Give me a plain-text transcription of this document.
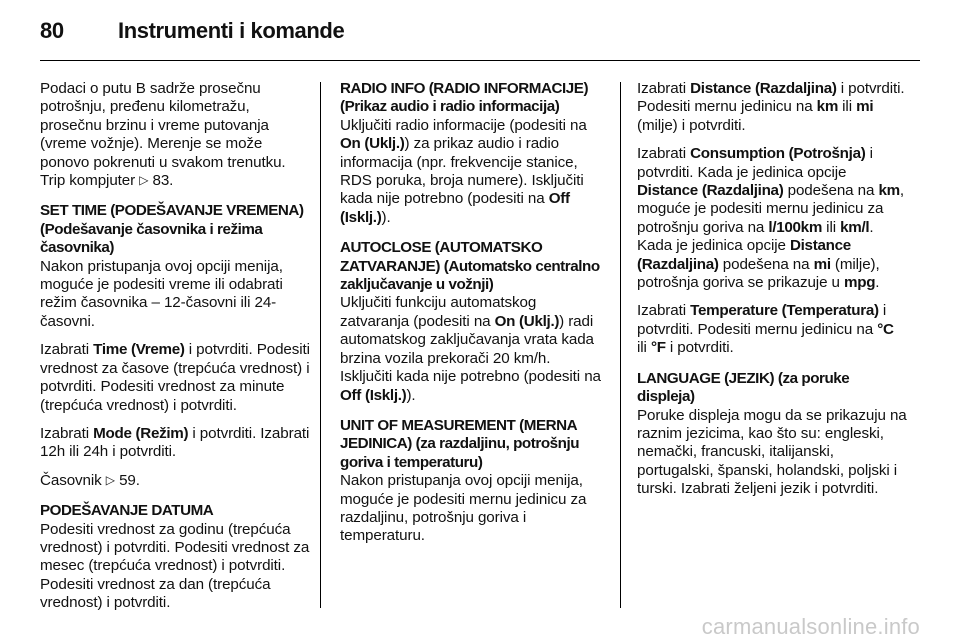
80 Instrumenti i komande

Podaci o putu B sadrže prosečnu potrošnju, pređenu kilometražu, prosečnu brzinu i vreme putovanja (vreme vožnje). Merenje se može ponovo pokrenuti u svakom trenutku. Trip kompjuter ▷ 83.

SET TIME (PODEŠAVANJE VREMENA) (Podešavanje časovnika i režima časovnika)

Nakon pristupanja ovoj opciji menija, moguće je podesiti vreme ili odabrati režim časovnika – 12-časovni ili 24-časovni.

Izabrati Time (Vreme) i potvrditi. Podesiti vrednost za časove (trepćuća vrednost) i potvrditi. Podesiti vrednost za minute (trepćuća vrednost) i potvrditi.

Izabrati Mode (Režim) i potvrditi. Izabrati 12h ili 24h i potvrditi.

Časovnik ▷ 59.

PODEŠAVANJE DATUMA

Podesiti vrednost za godinu (trepćuća vrednost) i potvrditi. Podesiti vrednost za mesec (trepćuća vrednost) i potvrditi. Podesiti vrednost za dan (trepćuća vrednost) i potvrditi.

RADIO INFO (RADIO INFORMACIJE) (Prikaz audio i radio informacija)

Uključiti radio informacije (podesiti na On (Uklj.)) za prikaz audio i radio informacija (npr. frekvencije stanice, RDS poruka, broja numere). Isključiti kada nije potrebno (podesiti na Off (Isklj.)).

AUTOCLOSE (AUTOMATSKO ZATVARANJE) (Automatsko centralno zaključavanje u vožnji)

Uključiti funkciju automatskog zatvaranja (podesiti na On (Uklj.)) radi automatskog zaključavanja vrata kada brzina vozila prekorači 20 km/h. Isključiti kada nije potrebno (podesiti na Off (Isklj.)).

UNIT OF MEASUREMENT (MERNA JEDINICA) (za razdaljinu, potrošnju goriva i temperaturu)

Nakon pristupanja ovoj opciji menija, moguće je podesiti mernu jedinicu za razdaljinu, potrošnju goriva i temperaturu.

Izabrati Distance (Razdaljina) i potvrditi. Podesiti mernu jedinicu na km ili mi (milje) i potvrditi.

Izabrati Consumption (Potrošnja) i potvrditi. Kada je jedinica opcije Distance (Razdaljina) podešena na km, moguće je podesiti mernu jedinicu za potrošnju goriva na l/100km ili km/l. Kada je jedinica opcije Distance (Razdaljina) podešena na mi (milje), potrošnja goriva se prikazuje u mpg.

Izabrati Temperature (Temperatura) i potvrditi. Podesiti mernu jedinicu na °C ili °F i potvrditi.

LANGUAGE (JEZIK) (za poruke displeja)

Poruke displeja mogu da se prikazuju na raznim jezicima, kao što su: engleski, nemački, francuski, italijanski, portugalski, španski, holandski, poljski i turski. Izabrati željeni jezik i potvrditi.

carmanualsonline.info
